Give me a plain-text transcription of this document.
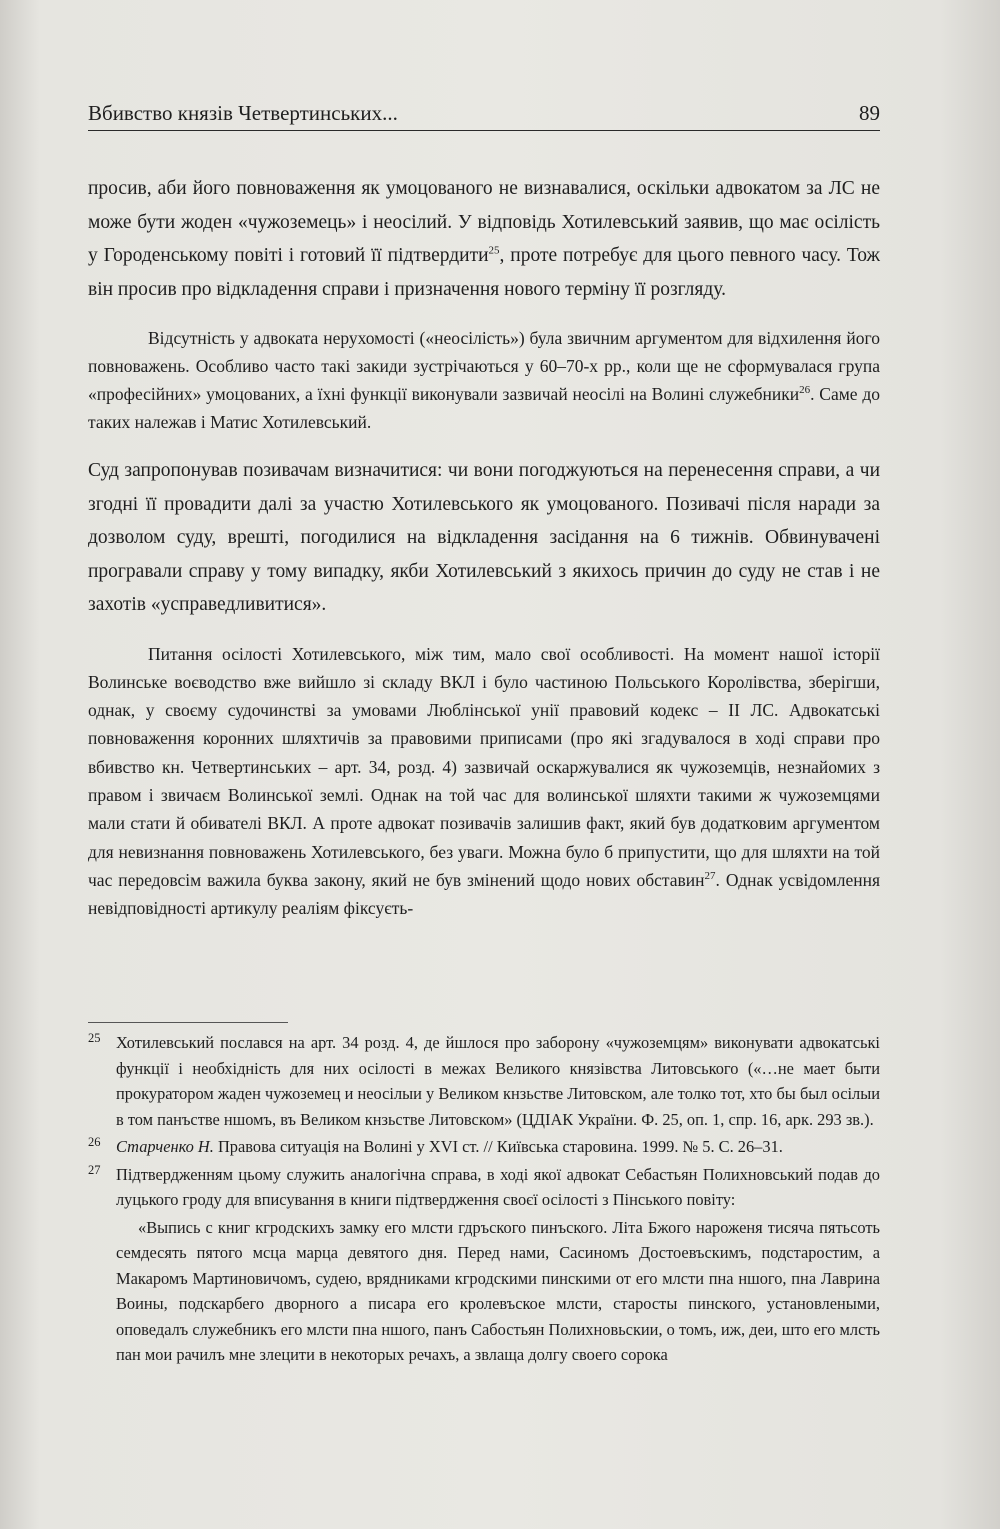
Вбивство князів Четвертинських...	89

просив, аби його повноваження як умоцованого не визнавалися, оскільки адвокатом за ЛС не може бути жоден «чужоземець» і неосілий. У відповідь Хотилевський заявив, що має осілість у Городенському повіті і готовий її підтвердити$^{25}$, проте потребує для цього певного часу. Тож він просив про відкладення справи і призначення нового терміну її розгляду.

Відсутність у адвоката нерухомості («неосілість») була звичним аргументом для відхилення його повноважень. Особливо часто такі закиди зустрічаються у 60–70-х рр., коли ще не сформувалася група «професійних» умоцованих, а їхні функції виконували зазвичай неосілі на Волині служебники$^{26}$. Саме до таких належав і Матис Хотилевський.

Суд запропонував позивачам визначитися: чи вони погоджуються на перенесення справи, а чи згодні її провадити далі за участю Хотилевського як умоцованого. Позивачі після наради за дозволом суду, врешті, погодилися на відкладення засідання на 6 тижнів. Обвинувачені програвали справу у тому випадку, якби Хотилевський з якихось причин до суду не став і не захотів «усправедливитися».

Питання осілості Хотилевського, між тим, мало свої особливості. На момент нашої історії Волинське воєводство вже вийшло зі складу ВКЛ і було частиною Польського Королівства, зберігши, однак, у своєму судочинстві за умовами Люблінської унії правовий кодекс – ІІ ЛС. Адвокатські повноваження коронних шляхтичів за правовими приписами (про які згадувалося в ході справи про вбивство кн. Четвертинських – арт. 34, розд. 4) зазвичай оскаржувалися як чужоземців, незнайомих з правом і звичаєм Волинської землі. Однак на той час для волинської шляхти такими ж чужоземцями мали стати й обивателі ВКЛ. А проте адвокат позивачів залишив факт, який був додатковим аргументом для невизнання повноважень Хотилевського, без уваги. Можна було б припустити, що для шляхти на той час передовсім важила буква закону, який не був змінений щодо нових обставин$^{27}$. Однак усвідомлення невідповідності артикулу реаліям фіксуєть-

25 Хотилевський послався на арт. 34 розд. 4, де йшлося про заборону «чужоземцям» виконувати адвокатські функції і необхідність для них осілості в межах Великого князівства Литовського («…не мает быти прокуратором жаден чужоземец и неосілыи у Великом кнзьстве Литовском, але толко тот, хто бы был осілыи в том панъстве ншомъ, въ Великом кнзьстве Литовском» (ЦДІАК України. Ф. 25, оп. 1, спр. 16, арк. 293 зв.).

26 Старченко Н. Правова ситуація на Волині у XVI ст. // Київська старовина. 1999. № 5. С. 26–31.

27 Підтвердженням цьому служить аналогічна справа, в ході якої адвокат Себастьян Полихновський подав до луцького гроду для вписування в книги підтвердження своєї осілості з Пінського повіту:

«Выпись с книг кгродскихъ замку его млсти гдръского пинъского. Літа Бжого нароженя тисяча пятьсоть семдесять пятого мсца марца девятого дня. Перед нами, Сасиномъ Достоевъскимъ, подстаростим, а Макаромъ Мартиновичомъ, судею, врядниками кгродскими пинскими от его млсти пна ншого, пна Лаврина Воины, подскарбего дворного а писара его кролевъское млсти, старосты пинского, установлеными, оповедалъ служебникъ его млсти пна ншого, панъ Сабостьян Полихновьскии, о томъ, иж, деи, што его млсть пан мои рачилъ мне злецити в некоторых речахъ, а звлаща долгу своего сорока
